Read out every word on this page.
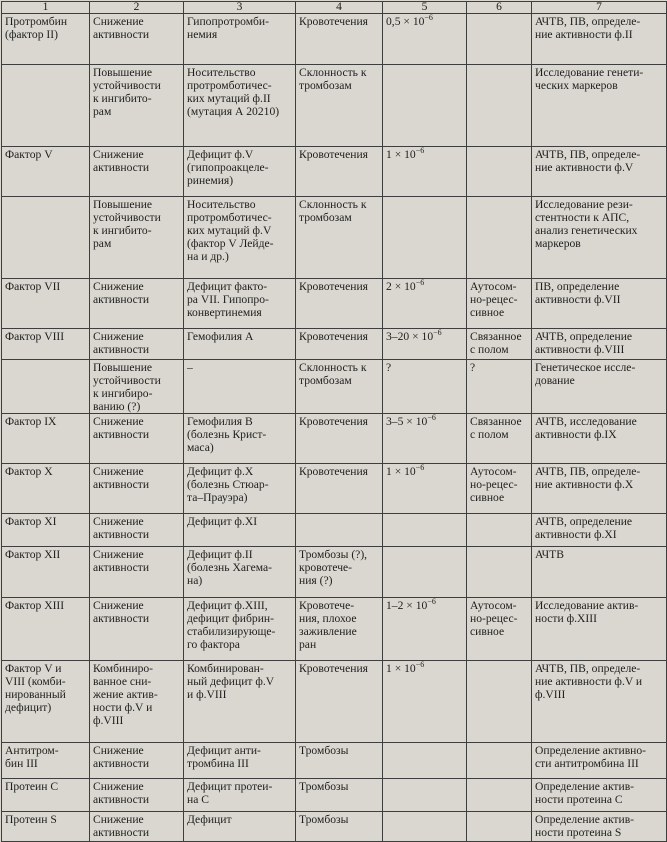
1	2	3	4	5	6	7

Протромбин
(фактор II)	Снижение
активности	Гипопротромби-
немия	Кровотечения	$0,5 \times 10^{-6}$		АЧТВ, ПВ, определе-
ние активности ф.II

	Повышение
устойчивости
к ингибито-
рам	Носительство
протромботичес-
ких мутаций ф.II
(мутация А 20210)	Склонность к
тромбозам			Исследование генети-
ческих маркеров

Фактор V	Снижение
активности	Дефицит ф.V
(гипопроакцеле-
ринемия)	Кровотечения	$1 \times 10^{-6}$		АЧТВ, ПВ, определе-
ние активности ф.V

	Повышение
устойчивости
к ингибито-
рам	Носительство
протромботичес-
ких мутаций ф.V
(фактор V Лейде-
на и др.)	Склонность к
тромбозам			Исследование рези-
стентности к АПС,
анализ генетических
маркеров

Фактор VII	Снижение
активности	Дефицит факто-
ра VII. Гипопро-
конвертинемия	Кровотечения	$2 \times 10^{-6}$	Аутосом-
но-рецес-
сивное	ПВ, определение
активности ф.VII

Фактор VIII	Снижение
активности	Гемофилия А	Кровотечения	$3-20 \times 10^{-6}$	Связанное
с полом	АЧТВ, определение
активности ф.VIII

	Повышение
устойчивости
к ингибиро-
ванию (?)	–	Склонность к
тромбозам	?	?	Генетическое иссле-
дование

Фактор IX	Снижение
активности	Гемофилия В
(болезнь Крист-
маса)	Кровотечения	$3-5 \times 10^{-6}$	Связанное
с полом	АЧТВ, исследование
активности ф.IX

Фактор X	Снижение
активности	Дефицит ф.X
(болезнь Стюар-
та–Прауэра)	Кровотечения	$1 \times 10^{-6}$	Аутосом-
но-рецес-
сивное	АЧТВ, ПВ, определе-
ние активности ф.X

Фактор XI	Снижение
активности	Дефицит ф.XI				АЧТВ, определение
активности ф.XI

Фактор XII	Снижение
активности	Дефицит ф.II
(болезнь Хагема-
на)	Тромбозы (?),
кровотече-
ния (?)			АЧТВ

Фактор XIII	Снижение
активности	Дефицит ф.XIII,
дефицит фибрин-
стабилизирующе-
го фактора	Кровотече-
ния, плохое
заживление
ран	$1-2 \times 10^{-6}$	Аутосом-
но-рецес-
сивное	Исследование актив-
ности ф.XIII

Фактор V и
VIII (комби-
нированный
дефицит)	Комбиниро-
ванное сни-
жение актив-
ности ф.V и
ф.VIII	Комбинирован-
ный дефицит ф.V
и ф.VIII	Кровотечения	$1 \times 10^{-6}$		АЧТВ, ПВ, определе-
ние активности ф.V и
ф.VIII

Антитром-
бин III	Снижение
активности	Дефицит анти-
тромбина III	Тромбозы			Определение активно-
сти антитромбина III

Протеин С	Снижение
активности	Дефицит протеи-
на С	Тромбозы			Определение актив-
ности протеина С

Протеин S	Снижение
активности	Дефицит	Тромбозы			Определение актив-
ности протеина S
